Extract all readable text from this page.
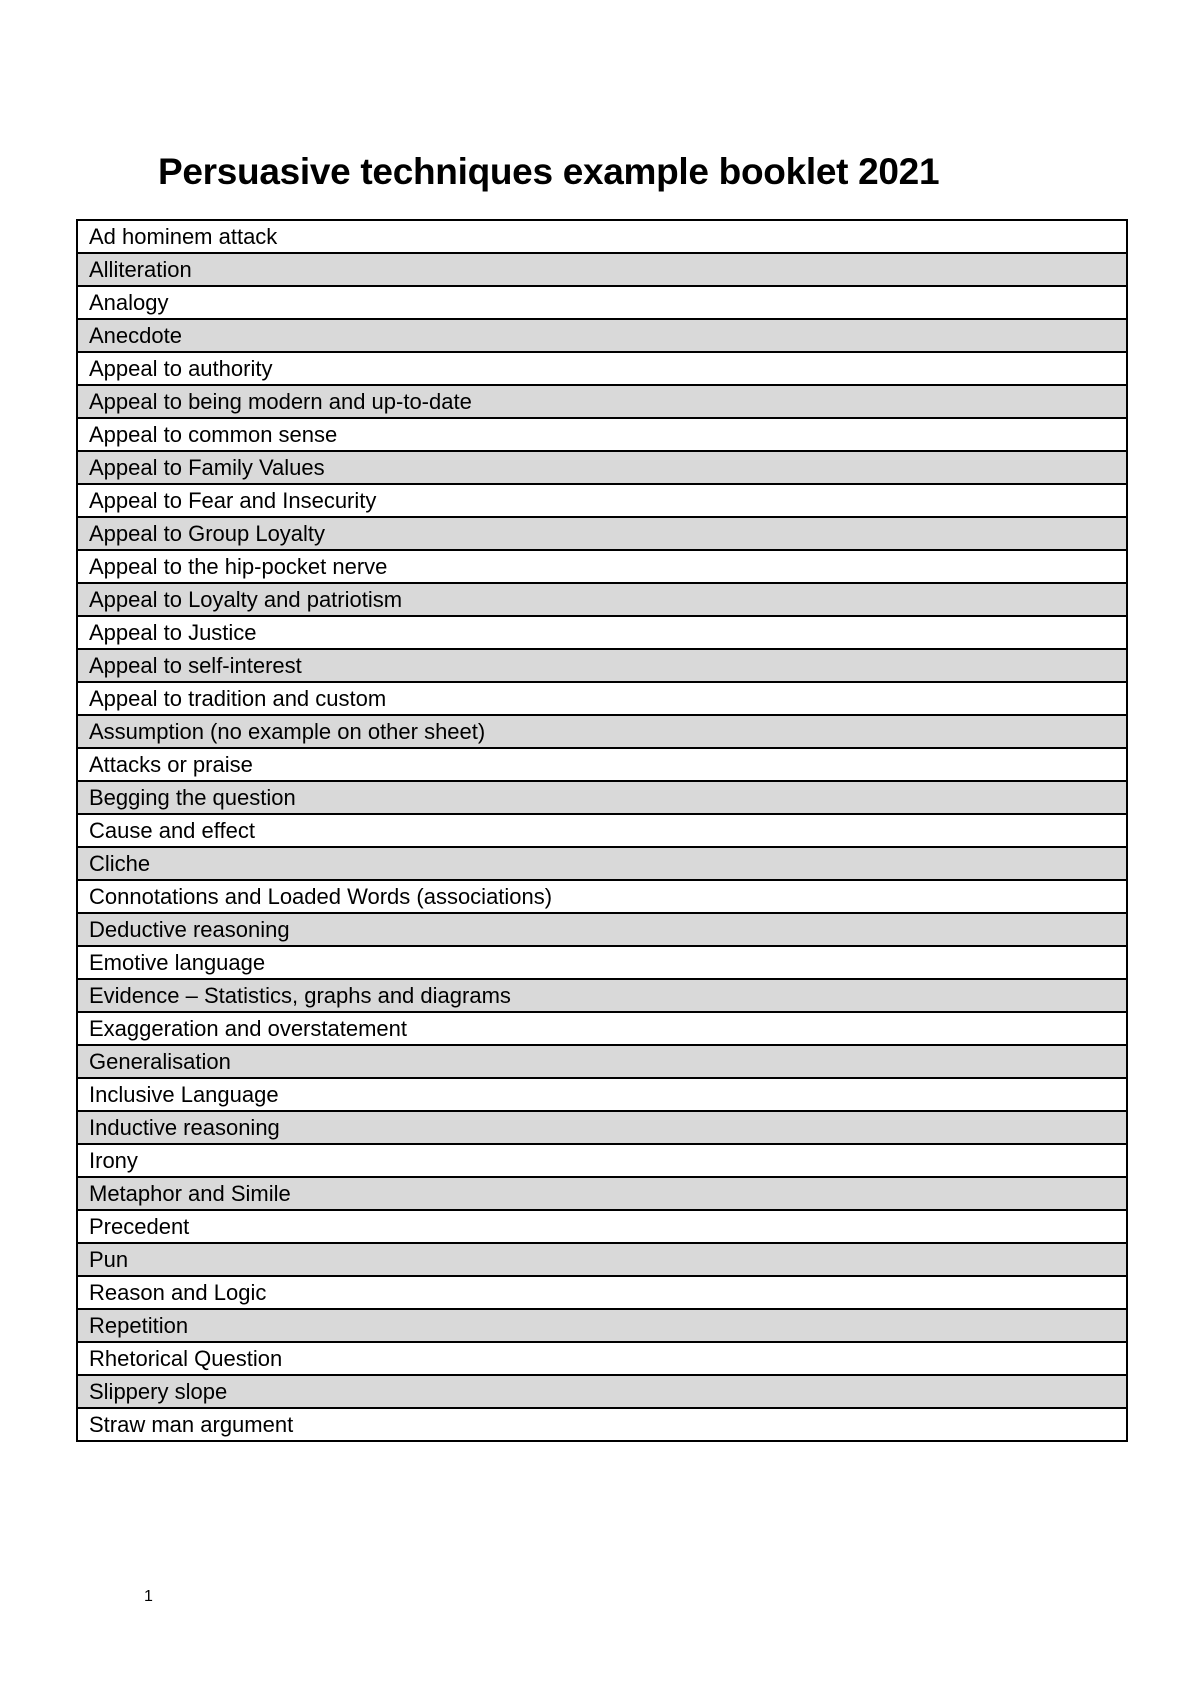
Persuasive techniques example booklet 2021
Ad hominem attack
Alliteration
Analogy
Anecdote
Appeal to authority
Appeal to being modern and up-to-date
Appeal to common sense
Appeal to Family Values
Appeal to Fear and Insecurity
Appeal to Group Loyalty
Appeal to the hip-pocket nerve
Appeal to Loyalty and patriotism
Appeal to Justice
Appeal to self-interest
Appeal to tradition and custom
Assumption (no example on other sheet)
Attacks or praise
Begging the question
Cause and effect
Cliche
Connotations and Loaded Words (associations)
Deductive reasoning
Emotive language
Evidence – Statistics, graphs and diagrams
Exaggeration and overstatement
Generalisation
Inclusive Language
Inductive reasoning
Irony
Metaphor and Simile
Precedent
Pun
Reason and Logic
Repetition
Rhetorical Question
Slippery slope
Straw man argument
1
